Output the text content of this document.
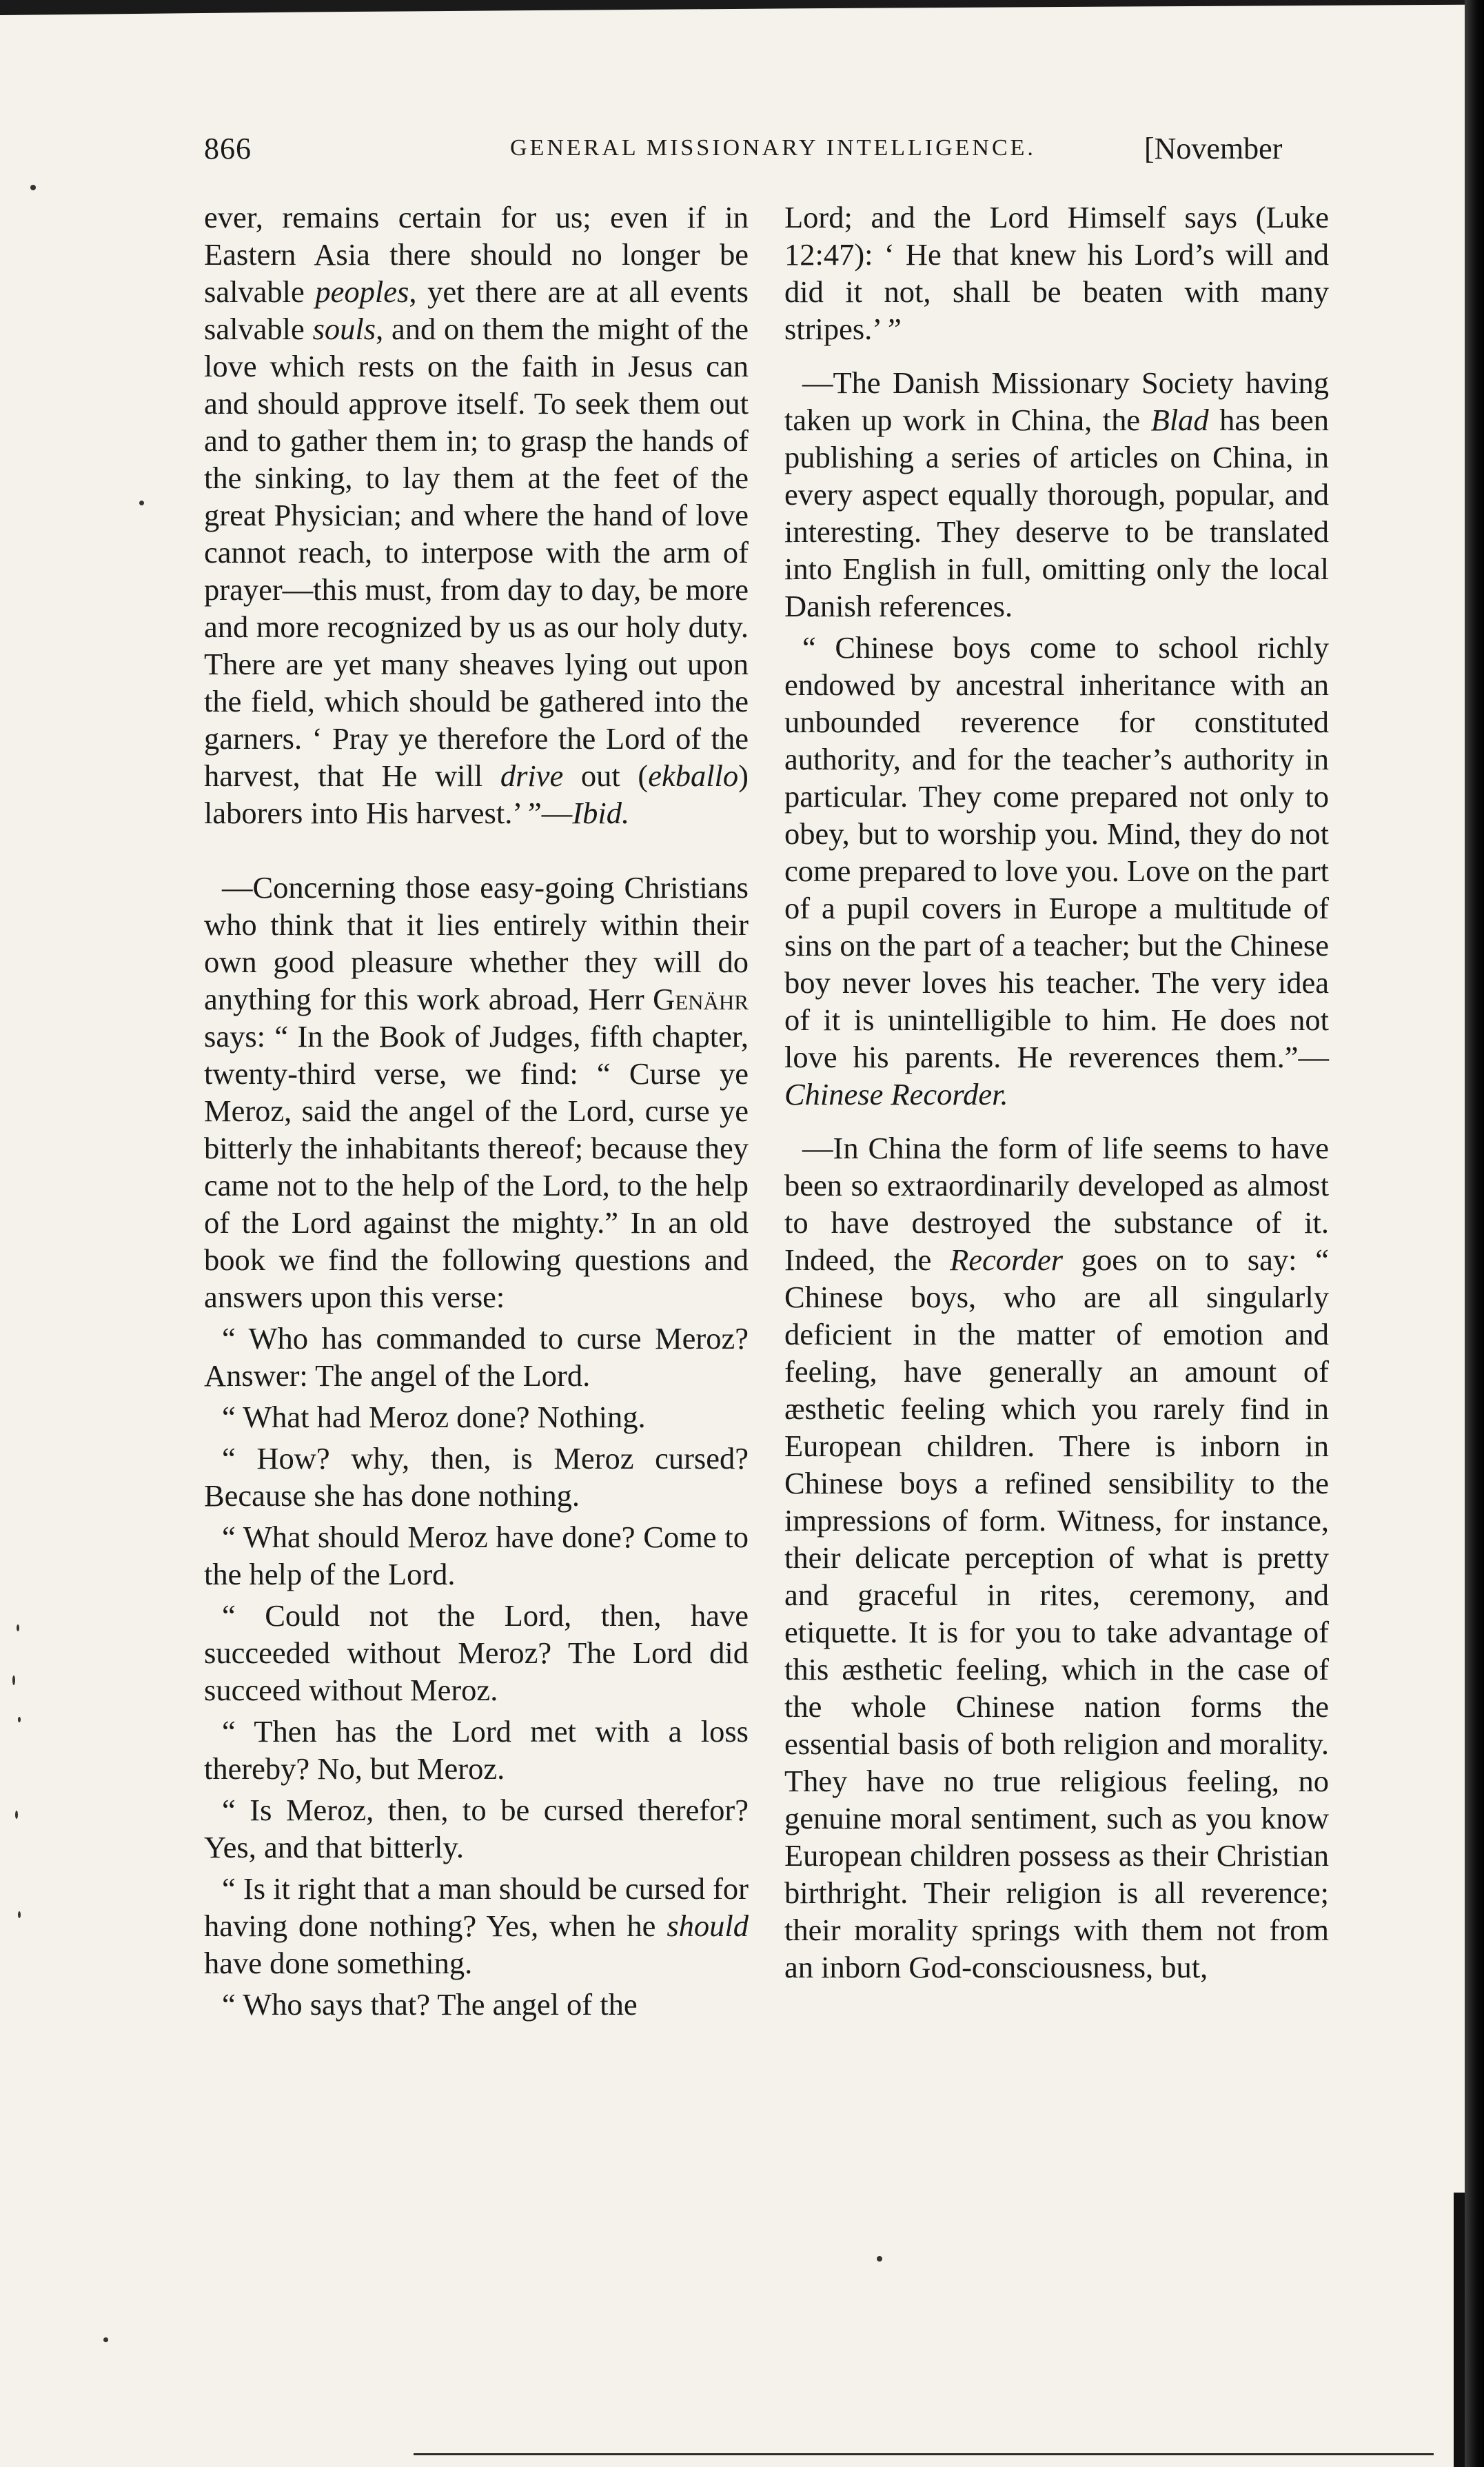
866	GENERAL MISSIONARY INTELLIGENCE.	[November

ever, remains certain for us; even if in Eastern Asia there should no longer be salvable peoples, yet there are at all events salvable souls, and on them the might of the love which rests on the faith in Jesus can and should approve itself. To seek them out and to gather them in; to grasp the hands of the sinking, to lay them at the feet of the great Physician; and where the hand of love cannot reach, to interpose with the arm of prayer—this must, from day to day, be more and more recognized by us as our holy duty. There are yet many sheaves lying out upon the field, which should be gathered into the garners. ‘ Pray ye therefore the Lord of the harvest, that He will drive out (ekballo) laborers into His harvest.’ ”—Ibid.

—Concerning those easy-going Christians who think that it lies entirely within their own good pleasure whether they will do anything for this work abroad, Herr Genähr says: “ In the Book of Judges, fifth chapter, twenty-third verse, we find: “ Curse ye Meroz, said the angel of the Lord, curse ye bitterly the inhabitants thereof; because they came not to the help of the Lord, to the help of the Lord against the mighty.” In an old book we find the following questions and answers upon this verse:

“ Who has commanded to curse Meroz? Answer: The angel of the Lord.

“ What had Meroz done? Nothing.

“ How? why, then, is Meroz cursed? Because she has done nothing.

“ What should Meroz have done? Come to the help of the Lord.

“ Could not the Lord, then, have succeeded without Meroz? The Lord did succeed without Meroz.

“ Then has the Lord met with a loss thereby? No, but Meroz.

“ Is Meroz, then, to be cursed therefor? Yes, and that bitterly.

“ Is it right that a man should be cursed for having done nothing? Yes, when he should have done something.

“ Who says that? The angel of the

Lord; and the Lord Himself says (Luke 12:47): ‘ He that knew his Lord’s will and did it not, shall be beaten with many stripes.’ ”

—The Danish Missionary Society having taken up work in China, the Blad has been publishing a series of articles on China, in every aspect equally thorough, popular, and interesting. They deserve to be translated into English in full, omitting only the local Danish references.

“ Chinese boys come to school richly endowed by ancestral inheritance with an unbounded reverence for constituted authority, and for the teacher’s authority in particular. They come prepared not only to obey, but to worship you. Mind, they do not come prepared to love you. Love on the part of a pupil covers in Europe a multitude of sins on the part of a teacher; but the Chinese boy never loves his teacher. The very idea of it is unintelligible to him. He does not love his parents. He reverences them.”—Chinese Recorder.

—In China the form of life seems to have been so extraordinarily developed as almost to have destroyed the substance of it. Indeed, the Recorder goes on to say: “ Chinese boys, who are all singularly deficient in the matter of emotion and feeling, have generally an amount of æsthetic feeling which you rarely find in European children. There is inborn in Chinese boys a refined sensibility to the impressions of form. Witness, for instance, their delicate perception of what is pretty and graceful in rites, ceremony, and etiquette. It is for you to take advantage of this æsthetic feeling, which in the case of the whole Chinese nation forms the essential basis of both religion and morality. They have no true religious feeling, no genuine moral sentiment, such as you know European children possess as their Christian birthright. Their religion is all reverence; their morality springs with them not from an inborn God-consciousness, but,
